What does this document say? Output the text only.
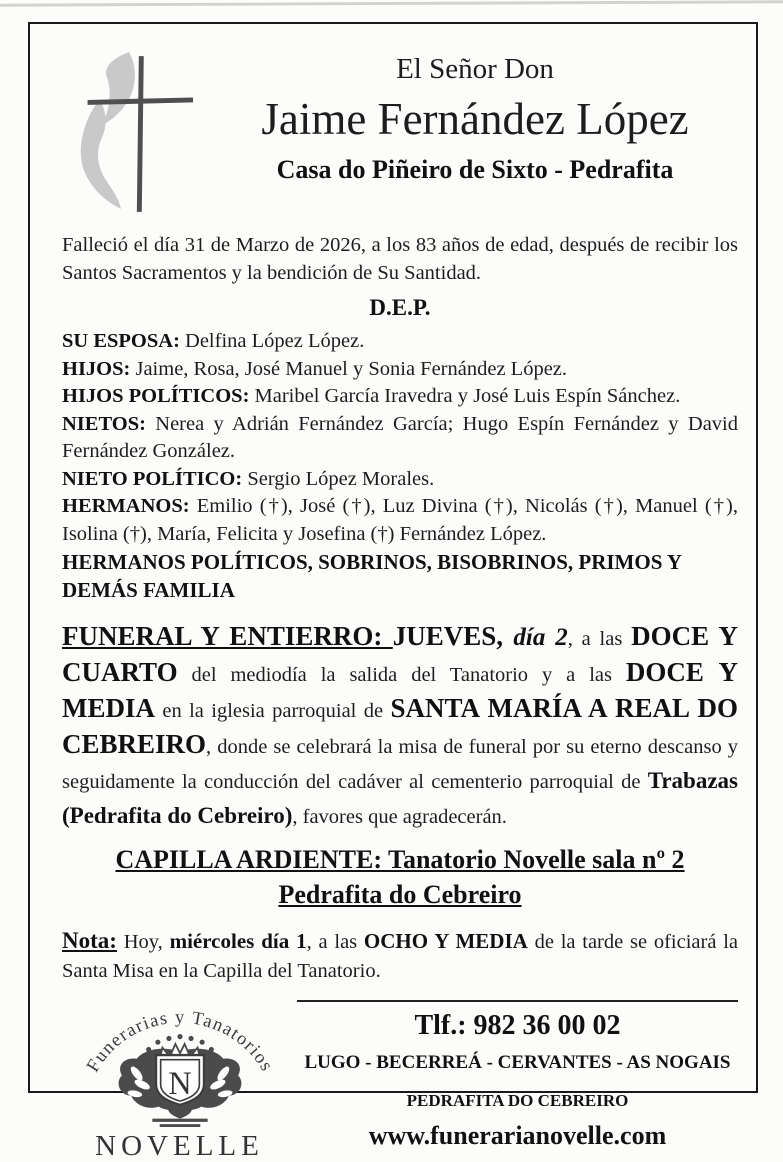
El Señor Don
Jaime Fernández López
Casa do Piñeiro de Sixto - Pedrafita

Falleció el día 31 de Marzo de 2026, a los 83 años de edad, después de recibir los Santos Sacramentos y la bendición de Su Santidad.

D.E.P.

SU ESPOSA: Delfina López López.

HIJOS: Jaime, Rosa, José Manuel y Sonia Fernández López.

HIJOS POLÍTICOS: Maribel García Iravedra y José Luis Espín Sánchez.

NIETOS: Nerea y Adrián Fernández García; Hugo Espín Fernández y David Fernández González.

NIETO POLÍTICO: Sergio López Morales.

HERMANOS: Emilio (†), José (†), Luz Divina (†), Nicolás (†), Manuel (†), Isolina (†), María, Felicita y Josefina (†) Fernández López.

HERMANOS POLÍTICOS, SOBRINOS, BISOBRINOS, PRIMOS Y DEMÁS FAMILIA

FUNERAL Y ENTIERRO: JUEVES, día 2, a las DOCE Y CUARTO del mediodía la salida del Tanatorio y a las DOCE Y MEDIA en la iglesia parroquial de SANTA MARÍA A REAL DO CEBREIRO, donde se celebrará la misa de funeral por su eterno descanso y seguidamente la conducción del cadáver al cementerio parroquial de Trabazas (Pedrafita do Cebreiro), favores que agradecerán.

CAPILLA ARDIENTE: Tanatorio Novelle sala nº 2
Pedrafita do Cebreiro

Nota: Hoy, miércoles día 1, a las OCHO Y MEDIA de la tarde se oficiará la Santa Misa en la Capilla del Tanatorio.

Funerarias y Tanatorios
N
NOVELLE
Tlf.: 982 36 00 02
LUGO - BECERREÁ - CERVANTES - AS NOGAIS
PEDRAFITA DO CEBREIRO
www.funerarianovelle.com
